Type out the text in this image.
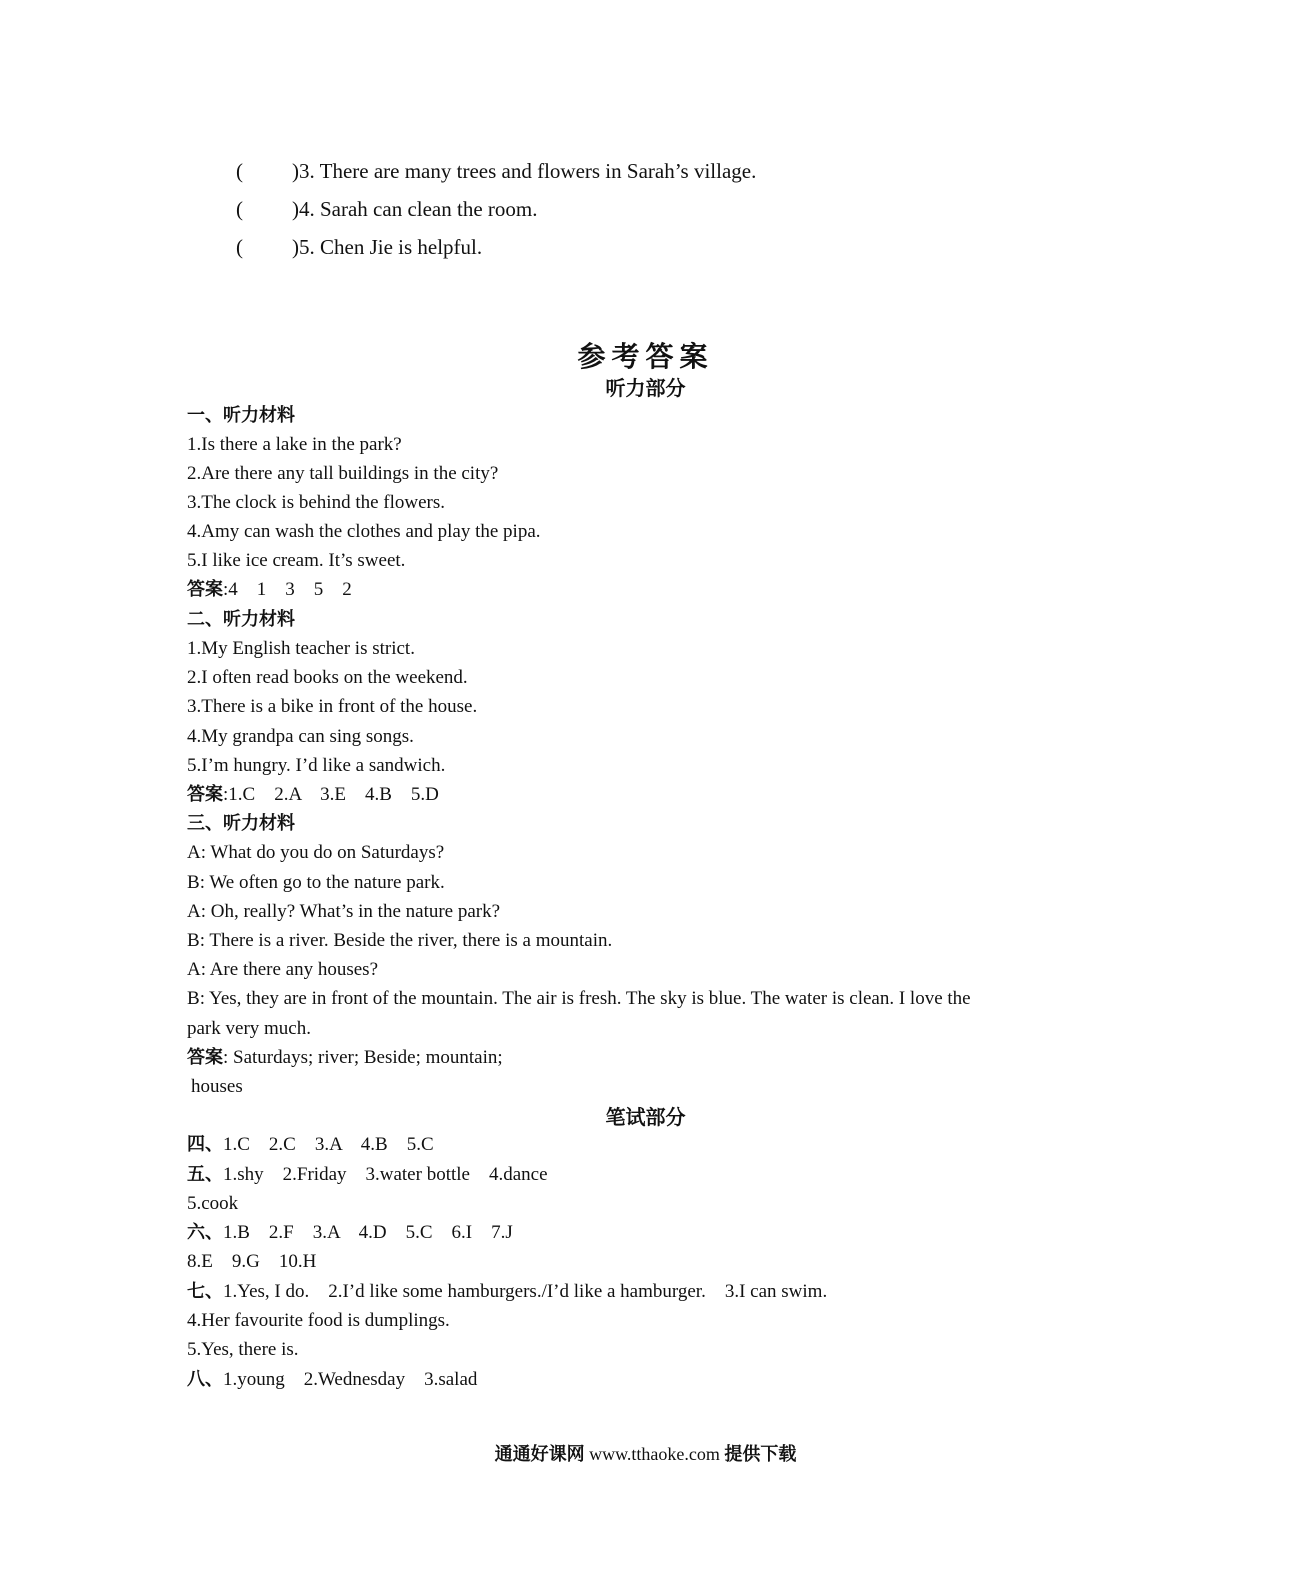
( )3. There are many trees and flowers in Sarah’s village.
( )4. Sarah can clean the room.
( )5. Chen Jie is helpful.
参考答案
听力部分
一、听力材料
1.Is there a lake in the park?
2.Are there any tall buildings in the city?
3.The clock is behind the flowers.
4.Amy can wash the clothes and play the pipa.
5.I like ice cream. It’s sweet.
答案:4　1　3　5　2
二、听力材料
1.My English teacher is strict.
2.I often read books on the weekend.
3.There is a bike in front of the house.
4.My grandpa can sing songs.
5.I’m hungry. I’d like a sandwich.
答案:1.C　2.A　3.E　4.B　5.D
三、听力材料
A: What do you do on Saturdays?
B: We often go to the nature park.
A: Oh, really? What’s in the nature park?
B: There is a river. Beside the river, there is a mountain.
A: Are there any houses?
B: Yes, they are in front of the mountain. The air is fresh. The sky is blue. The water is clean. I love the
park very much.
答案: Saturdays; river; Beside; mountain;
houses
笔试部分
四、1.C　2.C　3.A　4.B　5.C
五、1.shy　2.Friday　3.water bottle　4.dance
5.cook
六、1.B　2.F　3.A　4.D　5.C　6.I　7.J
8.E　9.G　10.H
七、1.Yes, I do.　2.I’d like some hamburgers./I’d like a hamburger.　3.I can swim.
4.Her favourite food is dumplings.
5.Yes, there is.
八、1.young　2.Wednesday　3.salad
通通好课网 www.tthaoke.com 提供下载
